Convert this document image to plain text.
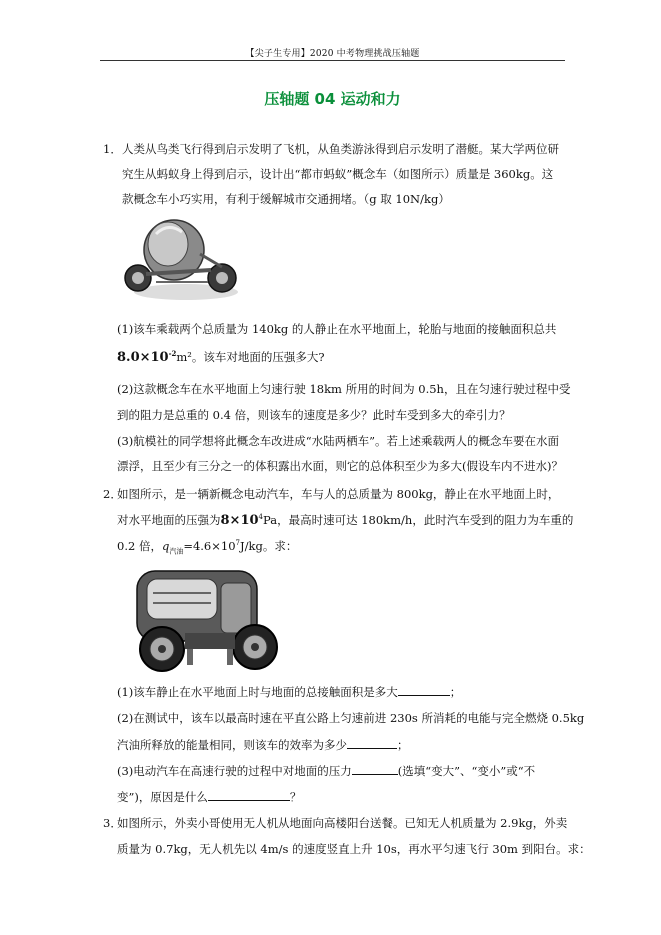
【尖子生专用】2020 中考物理挑战压轴题
压轴题 04 运动和力
1． 人类从鸟类飞行得到启示发明了飞机，从鱼类游泳得到启示发明了潜艇。某大学两位研
究生从蚂蚁身上得到启示，设计出“都市蚂蚁”概念车（如图所示）质量是 360kg。这
款概念车小巧实用，有利于缓解城市交通拥堵。（g 取 10N/kg）
(1)该车乘载两个总质量为 140kg 的人静止在水平地面上，轮胎与地面的接触面积总共
$8.0\times 10^{-2}m^2$。该车对地面的压强多大?
(2)这款概念车在水平地面上匀速行驶 18km 所用的时间为 0.5h，且在匀速行驶过程中受
到的阻力是总重的 0.4 倍，则该车的速度是多少？此时车受到多大的牵引力？
(3)航模社的同学想将此概念车改进成“水陆两栖车”。若上述乘载两人的概念车要在水面
漂浮，且至少有三分之一的体积露出水面，则它的总体积至少为多大(假设车内不进水)？
2．
如图所示，是一辆新概念电动汽车，车与人的总质量为 800kg，静止在水平地面上时，
对水平地面的压强为$8\times 10^4Pa$，最高时速可达 180km/h，此时汽车受到的阻力为车重的
0.2 倍，$q_{汽油}=4.6\times 10^7J/kg$。求：
(1)该车静止在水平地面上时与地面的总接触面积是多大	；
(2)在测试中，该车以最高时速在平直公路上匀速前进 230s 所消耗的电能与完全燃烧 0.5kg
汽油所释放的能量相同，则该车的效率为多少	；
(3)电动汽车在高速行驶的过程中对地面的压力	(选填“变大”、“变小”或“不
变”)，原因是什么	？
3．
如图所示，外卖小哥使用无人机从地面向高楼阳台送餐。已知无人机质量为 2.9kg，外卖
质量为 0.7kg，无人机先以 4m/s 的速度竖直上升 10s，再水平匀速飞行 30m 到阳台。求：
